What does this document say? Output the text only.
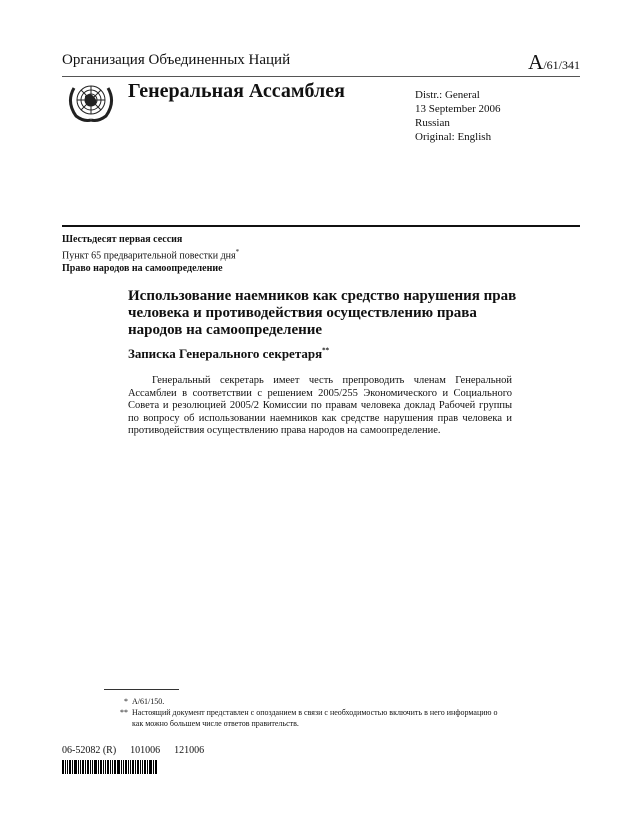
Организация Объединенных Наций	A/61/341
Генеральная Ассамблея	Distr.: General
13 September 2006
Russian
Original: English
Шестьдесят первая сессия
Пункт 65 предварительной повестки дня*
Право народов на самоопределение
Использование наемников как средство нарушения прав человека и противодействия осуществлению права народов на самоопределение
Записка Генерального секретаря**
Генеральный секретарь имеет честь препроводить членам Генеральной Ассамблеи в соответствии с решением 2005/255 Экономического и Социального Совета и резолюцией 2005/2 Комиссии по правам человека доклад Рабочей группы по вопросу об использовании наемников как средстве нарушения прав человека и противодействия осуществлению права народов на самоопределение.
* A/61/150.
** Настоящий документ представлен с опозданием в связи с необходимостью включить в него информацию о как можно большем числе ответов правительств.
06-52082 (R) 101006 121006
